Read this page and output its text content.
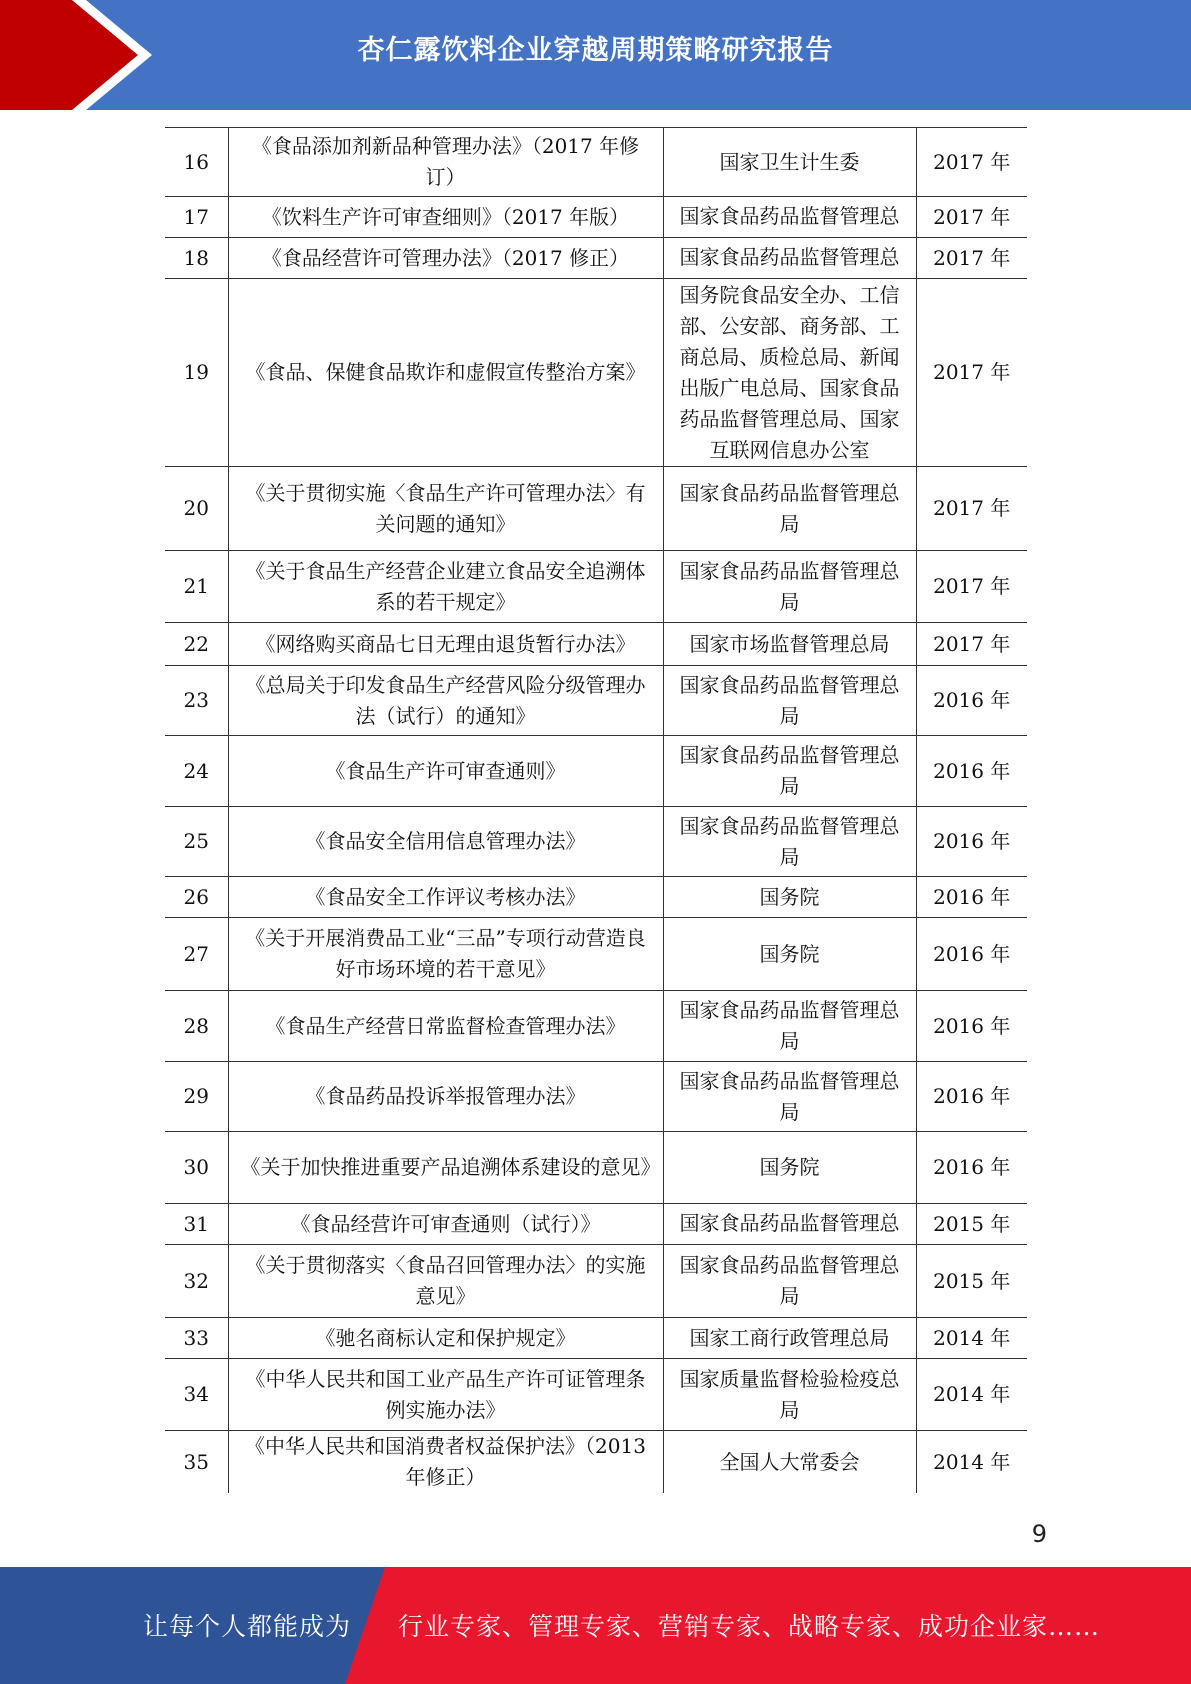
杏仁露饮料企业穿越周期策略研究报告
16	《食品添加剂新品种管理办法》（2017 年修订）	国家卫生计生委	2017 年
17	《饮料生产许可审查细则》（2017 年版）	国家食品药品监督管理总	2017 年
18	《食品经营许可管理办法》（2017 修正）	国家食品药品监督管理总	2017 年
19	《食品、保健食品欺诈和虚假宣传整治方案》	国务院食品安全办、工信部、公安部、商务部、工商总局、质检总局、新闻出版广电总局、国家食品药品监督管理总局、国家互联网信息办公室	2017 年
20	《关于贯彻实施〈食品生产许可管理办法〉有关问题的通知》	国家食品药品监督管理总局	2017 年
21	《关于食品生产经营企业建立食品安全追溯体系的若干规定》	国家食品药品监督管理总局	2017 年
22	《网络购买商品七日无理由退货暂行办法》	国家市场监督管理总局	2017 年
23	《总局关于印发食品生产经营风险分级管理办法（试行）的通知》	国家食品药品监督管理总局	2016 年
24	《食品生产许可审查通则》	国家食品药品监督管理总局	2016 年
25	《食品安全信用信息管理办法》	国家食品药品监督管理总局	2016 年
26	《食品安全工作评议考核办法》	国务院	2016 年
27	《关于开展消费品工业“三品”专项行动营造良好市场环境的若干意见》	国务院	2016 年
28	《食品生产经营日常监督检查管理办法》	国家食品药品监督管理总局	2016 年
29	《食品药品投诉举报管理办法》	国家食品药品监督管理总局	2016 年
30	《关于加快推进重要产品追溯体系建设的意见》	国务院	2016 年
31	《食品经营许可审查通则（试行）》	国家食品药品监督管理总	2015 年
32	《关于贯彻落实〈食品召回管理办法〉的实施意见》	国家食品药品监督管理总局	2015 年
33	《驰名商标认定和保护规定》	国家工商行政管理总局	2014 年
34	《中华人民共和国工业产品生产许可证管理条例实施办法》	国家质量监督检验检疫总局	2014 年
35	《中华人民共和国消费者权益保护法》（2013 年修正）	全国人大常委会	2014 年
9
让每个人都能成为 行业专家、管理专家、营销专家、战略专家、成功企业家……
